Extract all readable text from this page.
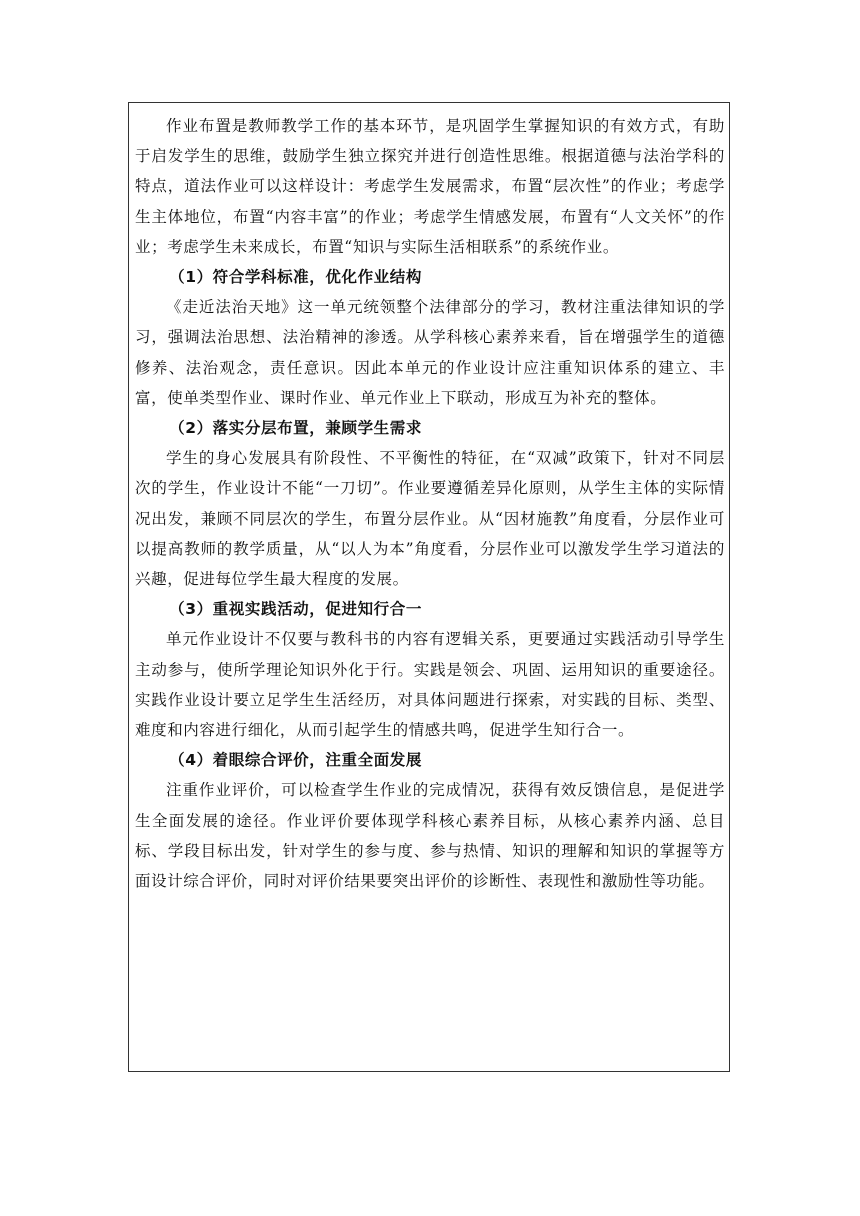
作业布置是教师教学工作的基本环节，是巩固学生掌握知识的有效方式，有助于启发学生的思维，鼓励学生独立探究并进行创造性思维。根据道德与法治学科的特点，道法作业可以这样设计：考虑学生发展需求，布置“层次性”的作业；考虑学生主体地位，布置“内容丰富”的作业；考虑学生情感发展，布置有“人文关怀”的作业；考虑学生未来成长，布置“知识与实际生活相联系”的系统作业。

（1）符合学科标准，优化作业结构

《走近法治天地》这一单元统领整个法律部分的学习，教材注重法律知识的学习，强调法治思想、法治精神的渗透。从学科核心素养来看，旨在增强学生的道德修养、法治观念，责任意识。因此本单元的作业设计应注重知识体系的建立、丰富，使单类型作业、课时作业、单元作业上下联动，形成互为补充的整体。

（2）落实分层布置，兼顾学生需求

学生的身心发展具有阶段性、不平衡性的特征，在“双减”政策下，针对不同层次的学生，作业设计不能“一刀切”。作业要遵循差异化原则，从学生主体的实际情况出发，兼顾不同层次的学生，布置分层作业。从“因材施教”角度看，分层作业可以提高教师的教学质量，从“以人为本”角度看，分层作业可以激发学生学习道法的兴趣，促进每位学生最大程度的发展。

（3）重视实践活动，促进知行合一

单元作业设计不仅要与教科书的内容有逻辑关系，更要通过实践活动引导学生主动参与，使所学理论知识外化于行。实践是领会、巩固、运用知识的重要途径。实践作业设计要立足学生生活经历，对具体问题进行探索，对实践的目标、类型、难度和内容进行细化，从而引起学生的情感共鸣，促进学生知行合一。

（4）着眼综合评价，注重全面发展

注重作业评价，可以检查学生作业的完成情况，获得有效反馈信息，是促进学生全面发展的途径。作业评价要体现学科核心素养目标，从核心素养内涵、总目标、学段目标出发，针对学生的参与度、参与热情、知识的理解和知识的掌握等方面设计综合评价，同时对评价结果要突出评价的诊断性、表现性和激励性等功能。
